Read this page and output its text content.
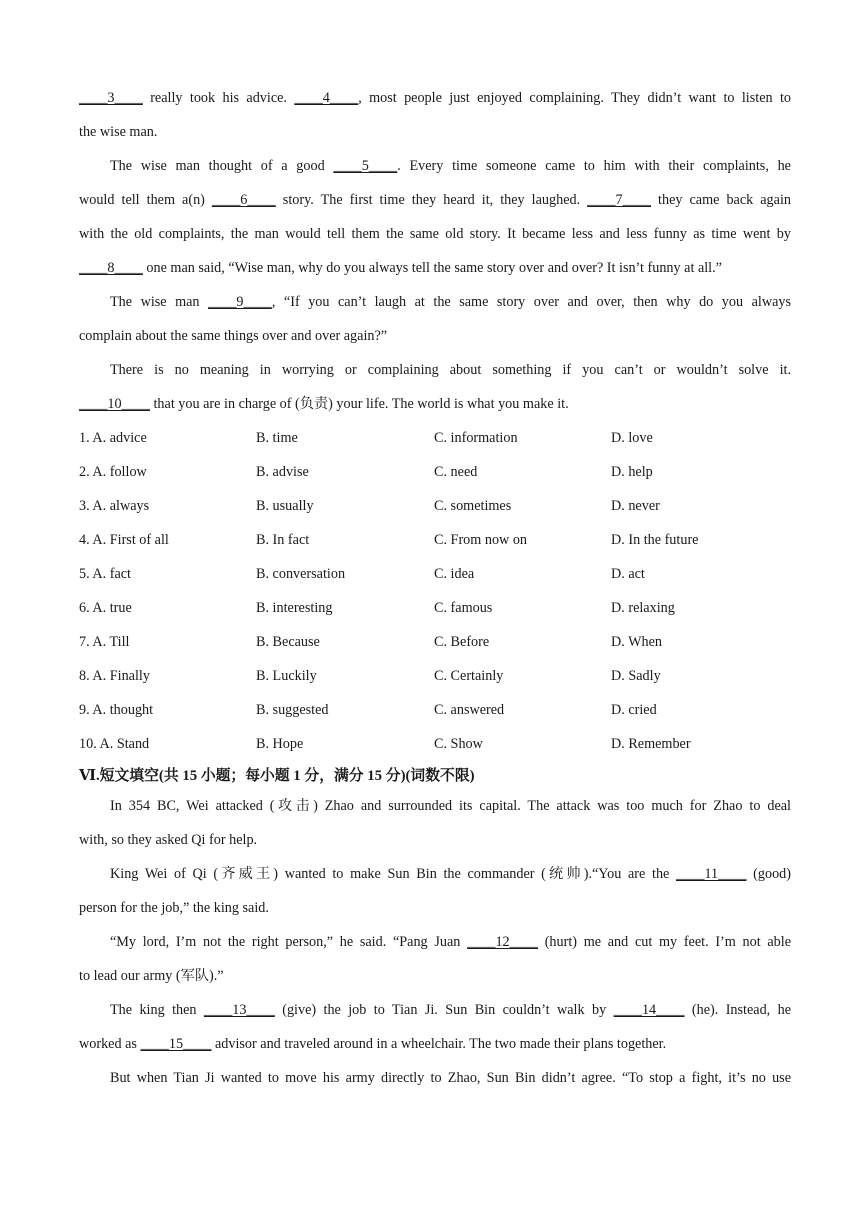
____3____ really took his advice. ____4____, most people just enjoyed complaining. They didn’t want to listen to
the wise man.
The wise man thought of a good ____5____. Every time someone came to him with their complaints, he
would tell them a(n) ____6____ story. The first time they heard it, they laughed. ____7____ they came back again
with the old complaints, the man would tell them the same old story. It became less and less funny as time went by
____8____ one man said, “Wise man, why do you always tell the same story over and over? It isn’t funny at all.”
The wise man ____9____, “If you can’t laugh at the same story over and over, then why do you always
complain about the same things over and over again?”
There is no meaning in worrying or complaining about something if you can’t or wouldn’t solve it.
____10____ that you are in charge of (负责) your life. The world is what you make it.
1. A. advice	B. time	C. information	D. love
2. A. follow	B. advise	C. need	D. help
3. A. always	B. usually	C. sometimes	D. never
4. A. First of all	B. In fact	C. From now on	D. In the future
5. A. fact	B. conversation	C. idea	D. act
6. A. true	B. interesting	C. famous	D. relaxing
7. A. Till	B. Because	C. Before	D. When
8. A. Finally	B. Luckily	C. Certainly	D. Sadly
9. A. thought	B. suggested	C. answered	D. cried
10. A. Stand	B. Hope	C. Show	D. Remember
Ⅵ.短文填空(共 15 小题；每小题 1 分，满分 15 分)(词数不限)
In 354 BC, Wei attacked (攻击) Zhao and surrounded its capital. The attack was too much for Zhao to deal
with, so they asked Qi for help.
King Wei of Qi (齐威王) wanted to make Sun Bin the commander (统帅).“You are the ____11____ (good)
person for the job,” the king said.
“My lord, I’m not the right person,” he said. “Pang Juan ____12____ (hurt) me and cut my feet. I’m not able
to lead our army (军队).”
The king then ____13____ (give) the job to Tian Ji. Sun Bin couldn’t walk by ____14____ (he). Instead, he
worked as ____15____ advisor and traveled around in a wheelchair. The two made their plans together.
But when Tian Ji wanted to move his army directly to Zhao, Sun Bin didn’t agree. “To stop a fight, it’s no use
